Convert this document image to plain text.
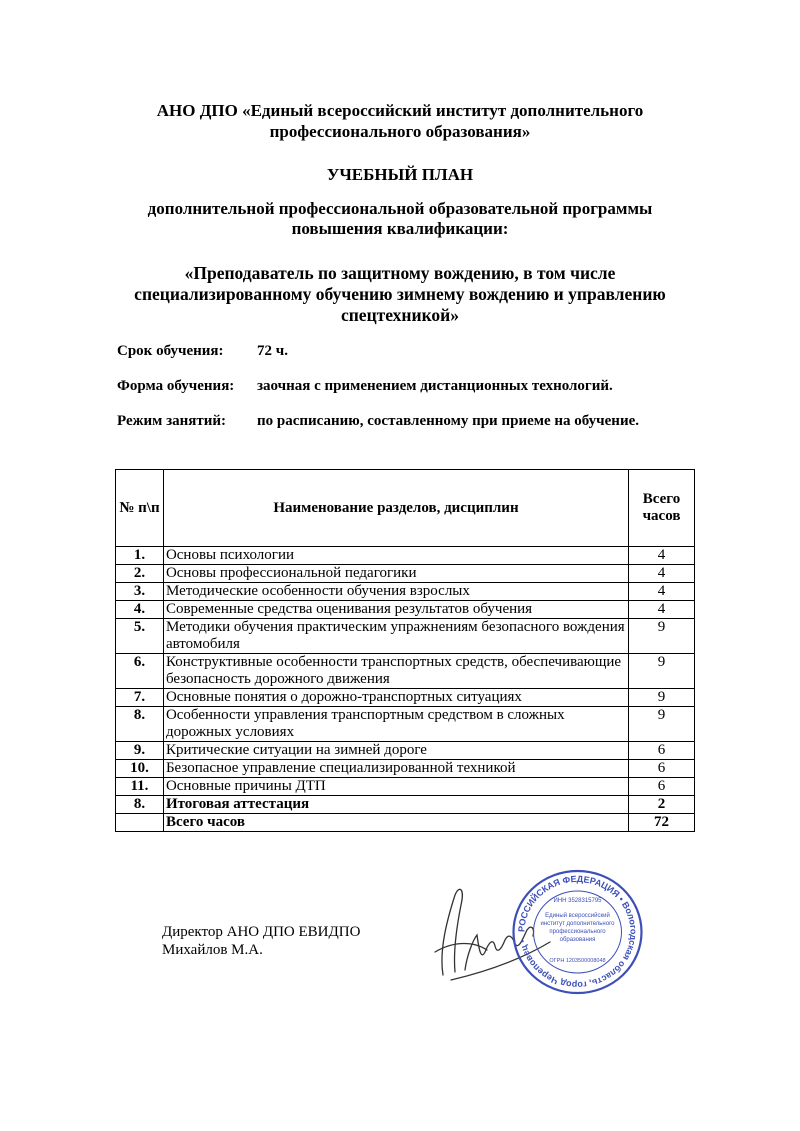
АНО ДПО «Единый всероссийский институт дополнительного
профессионального образования»
УЧЕБНЫЙ ПЛАН
дополнительной профессиональной образовательной программы
повышения квалификации:
«Преподаватель по защитному вождению, в том числе
специализированному обучению зимнему вождению и управлению
спецтехникой»
Срок обучения: 72 ч.
Форма обучения: заочная с применением дистанционных технологий.
Режим занятий: по расписанию, составленному при приеме на обучение.
№ п\п	Наименование разделов, дисциплин	Всего часов
1.	Основы психологии	4
2.	Основы профессиональной педагогики	4
3.	Методические особенности обучения взрослых	4
4.	Современные средства оценивания результатов обучения	4
5.	Методики обучения практическим упражнениям безопасного вождения автомобиля	9
6.	Конструктивные особенности транспортных средств, обеспечивающие безопасность дорожного движения	9
7.	Основные понятия о дорожно-транспортных ситуациях	9
8.	Особенности управления транспортным средством в сложных дорожных условиях	9
9.	Критические ситуации на зимней дороге	6
10.	Безопасное управление специализированной техникой	6
11.	Основные причины ДТП	6
8.	Итоговая аттестация	2
	Всего часов	72
Директор АНО ДПО ЕВИДПО
Михайлов М.А.
РОССИЙСКАЯ ФЕДЕРАЦИЯ • Вологодская область, город Череповец •
ИНН 3528315795
Единый всероссийский
институт дополнительного
профессионального
образования
ОГРН 1203500008048
